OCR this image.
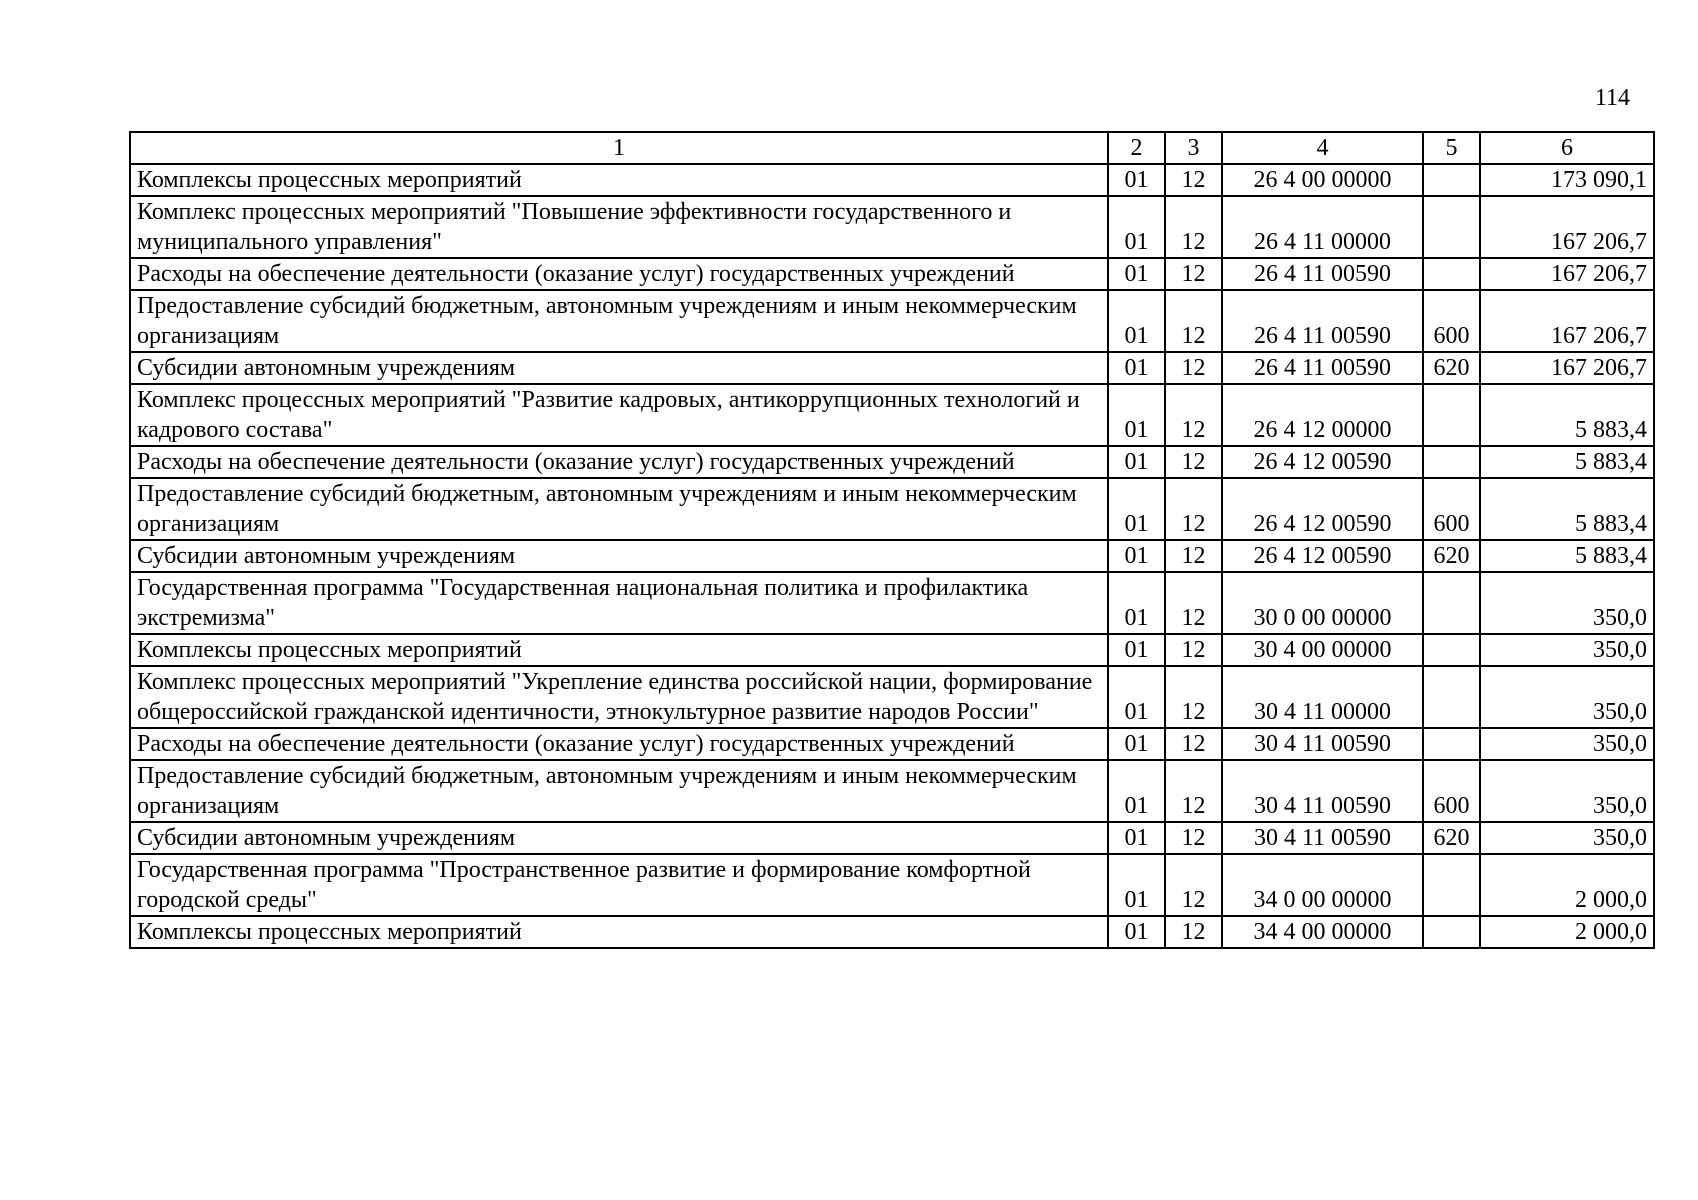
114
1	2	3	4	5	6
Комплексы процессных мероприятий	01	12	26 4 00 00000		173 090,1
Комплекс процессных мероприятий "Повышение эффективности государственного и муниципального управления"	01	12	26 4 11 00000		167 206,7
Расходы на обеспечение деятельности (оказание услуг) государственных учреждений	01	12	26 4 11 00590		167 206,7
Предоставление субсидий бюджетным, автономным учреждениям и иным некоммерческим организациям	01	12	26 4 11 00590	600	167 206,7
Субсидии автономным учреждениям	01	12	26 4 11 00590	620	167 206,7
Комплекс процессных мероприятий "Развитие кадровых, антикоррупционных технологий и кадрового состава"	01	12	26 4 12 00000		5 883,4
Расходы на обеспечение деятельности (оказание услуг) государственных учреждений	01	12	26 4 12 00590		5 883,4
Предоставление субсидий бюджетным, автономным учреждениям и иным некоммерческим организациям	01	12	26 4 12 00590	600	5 883,4
Субсидии автономным учреждениям	01	12	26 4 12 00590	620	5 883,4
Государственная программа "Государственная национальная политика и профилактика экстремизма"	01	12	30 0 00 00000		350,0
Комплексы процессных мероприятий	01	12	30 4 00 00000		350,0
Комплекс процессных мероприятий "Укрепление единства российской нации, формирование общероссийской гражданской идентичности, этнокультурное развитие народов России"	01	12	30 4 11 00000		350,0
Расходы на обеспечение деятельности (оказание услуг) государственных учреждений	01	12	30 4 11 00590		350,0
Предоставление субсидий бюджетным, автономным учреждениям и иным некоммерческим организациям	01	12	30 4 11 00590	600	350,0
Субсидии автономным учреждениям	01	12	30 4 11 00590	620	350,0
Государственная программа "Пространственное развитие и формирование комфортной городской среды"	01	12	34 0 00 00000		2 000,0
Комплексы процессных мероприятий	01	12	34 4 00 00000		2 000,0
